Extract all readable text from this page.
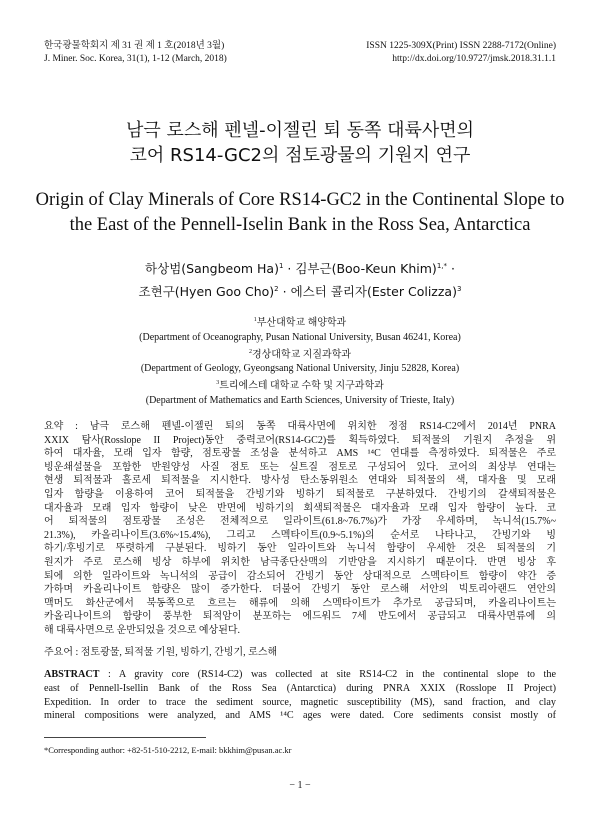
한국광물학회지 제 31 권 제 1 호(2018년 3월)
J. Miner. Soc. Korea, 31(1), 1-12 (March, 2018)
ISSN 1225-309X(Print) ISSN 2288-7172(Online)
http://dx.doi.org/10.9727/jmsk.2018.31.1.1
남극 로스해 펜넬-이젤린 퇴 동쪽 대륙사면의
코어 RS14-GC2의 점토광물의 기원지 연구
Origin of Clay Minerals of Core RS14-GC2 in the Continental Slope to
the East of the Pennell-Iselin Bank in the Ross Sea, Antarctica
하상범(Sangbeom Ha)$^1$ · 김부근(Boo-Keun Khim)$^{1,*}$ ·
조현구(Hyen Goo Cho)$^2$ · 에스터 콜리자(Ester Colizza)$^3$
$^1$부산대학교 해양학과
(Department of Oceanography, Pusan National University, Busan 46241, Korea)
$^2$경상대학교 지질과학과
(Department of Geology, Gyeongsang National University, Jinju 52828, Korea)
$^3$트리에스테 대학교 수학 및 지구과학과
(Department of Mathematics and Earth Sciences, University of Trieste, Italy)
요약 : 남극 로스해 펜넬-이젤린 퇴의 동쪽 대륙사면에 위치한 정점 RS14-C2에서 2014년 PNRA
XXIX 탐사(Rosslope II Project)동안 중력코어(RS14-GC2)를 획득하였다. 퇴적물의 기원지 추정을 위
하여 대자율, 모래 입자 함량, 점토광물 조성을 분석하고 AMS ¹⁴C 연대를 측정하였다. 퇴적물은 주로
빙운쇄설물을 포함한 반원양성 사질 점토 또는 실트질 점토로 구성되어 있다. 코어의 최상부 연대는
현생 퇴적물과 홀로세 퇴적물을 지시한다. 방사성 탄소동위원소 연대와 퇴적물의 색, 대자율 및 모래
입자 함량을 이용하여 코어 퇴적물을 간빙기와 빙하기 퇴적물로 구분하였다. 간빙기의 갈색퇴적물은
대자율과 모래 입자 함량이 낮은 반면에 빙하기의 회색퇴적물은 대자율과 모래 입자 함량이 높다. 코
어 퇴적물의 점토광물 조성은 전체적으로 일라이트(61.8~76.7%)가 가장 우세하며, 녹니석(15.7%~
21.3%), 카올리나이트(3.6%~15.4%), 그리고 스멕타이트(0.9~5.1%)의 순서로 나타나고, 간빙기와 빙
하기/후빙기로 뚜렷하게 구분된다. 빙하기 동안 일라이트와 녹니석 함량이 우세한 것은 퇴적물의 기
원지가 주로 로스해 빙상 하부에 위치한 남극종단산맥의 기반암을 지시하기 때문이다. 반면 빙상 후
퇴에 의한 일라이트와 녹니석의 공급이 감소되어 간빙기 동안 상대적으로 스멕타이트 함량이 약간 증
가하며 카올리나이트 함량은 많이 증가한다. 더불어 간빙기 동안 로스해 서안의 빅토리아랜드 연안의
맥머도 화산군에서 북동쪽으로 흐르는 해류에 의해 스멕타이트가 추가로 공급되며, 카올리나이트는
카올리나이트의 함량이 풍부한 퇴적암이 분포하는 에드워드 7세 반도에서 공급되고 대륙사면류에 의
해 대륙사면으로 운반되었을 것으로 예상된다.
주요어 : 점토광물, 퇴적물 기원, 빙하기, 간빙기, 로스해
ABSTRACT : A gravity core (RS14-C2) was collected at site RS14-C2 in the continental slope to the
east of Pennell-Isellin Bank of the Ross Sea (Antarctica) during PNRA XXIX (Rosslope II Project)
Expedition. In order to trace the sediment source, magnetic susceptibility (MS), sand fraction, and clay
mineral compositions were analyzed, and AMS ¹⁴C ages were dated. Core sediments consist mostly of
*Corresponding author: +82-51-510-2212, E-mail: bkkhim@pusan.ac.kr
− 1 −
